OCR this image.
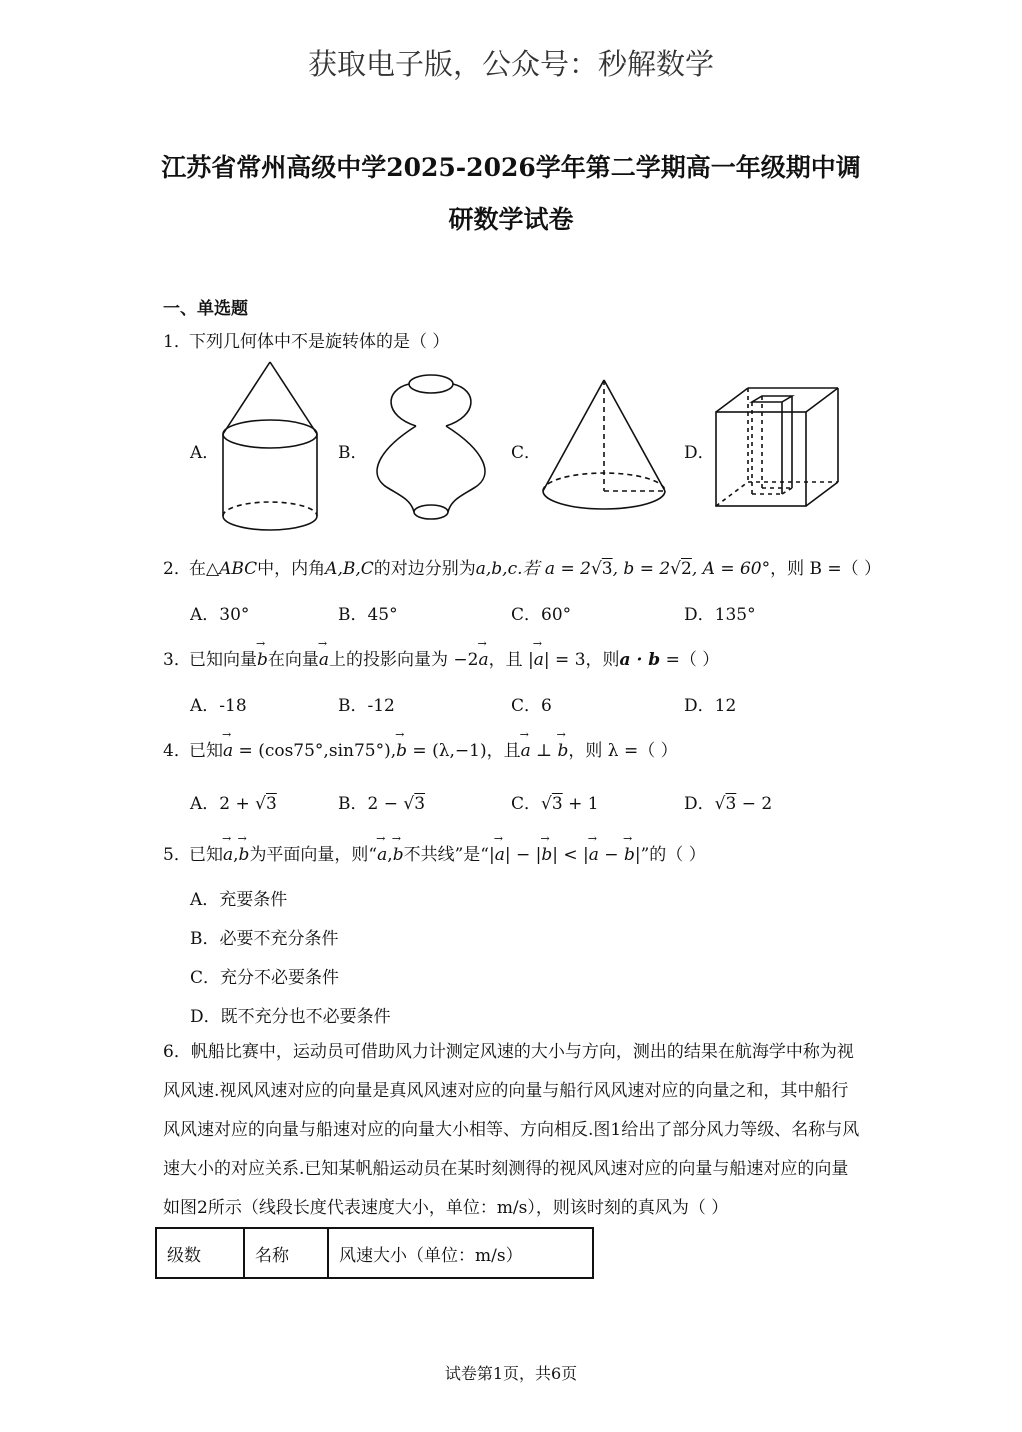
获取电子版，公众号：秒解数学
江苏省常州高级中学2025-2026学年第二学期高一年级期中调
研数学试卷
一、单选题
1．下列几何体中不是旋转体的是（ ）
A．	B．	C．	D．
2．在△ABC中，内角A,B,C的对边分别为a,b,c.若 a = 2√3, b = 2√2, A = 60°，则 B =（ ）
A．30°	B．45°	C．60°	D．135°
3．已知向量→ b在向量→ a上的投影向量为 −2→ a，且 |→ a| = 3，则a · b =（ ）
A．-18	B．-12	C．6	D．12
4．已知→ a = (cos75°,sin75°),→ b = (λ,−1)，且→ a ⊥ → b，则 λ =（ ）
A．2 + √3	B．2 − √3	C．√3 + 1	D．√3 − 2
5．已知→ a,→ b为平面向量，则“→ a,→ b不共线”是“|→ a| − |→ b| < |→ a − → b|”的（ ）
A．充要条件
B．必要不充分条件
C．充分不必要条件
D．既不充分也不必要条件
6．帆船比赛中，运动员可借助风力计测定风速的大小与方向，测出的结果在航海学中称为视风风速.视风风速对应的向量是真风风速对应的向量与船行风风速对应的向量之和，其中船行风风速对应的向量与船速对应的向量大小相等、方向相反.图1给出了部分风力等级、名称与风速大小的对应关系.已知某帆船运动员在某时刻测得的视风风速对应的向量与船速对应的向量如图2所示（线段长度代表速度大小，单位：m/s），则该时刻的真风为（ ）
级数	名称	风速大小（单位：m/s）
试卷第1页，共6页
